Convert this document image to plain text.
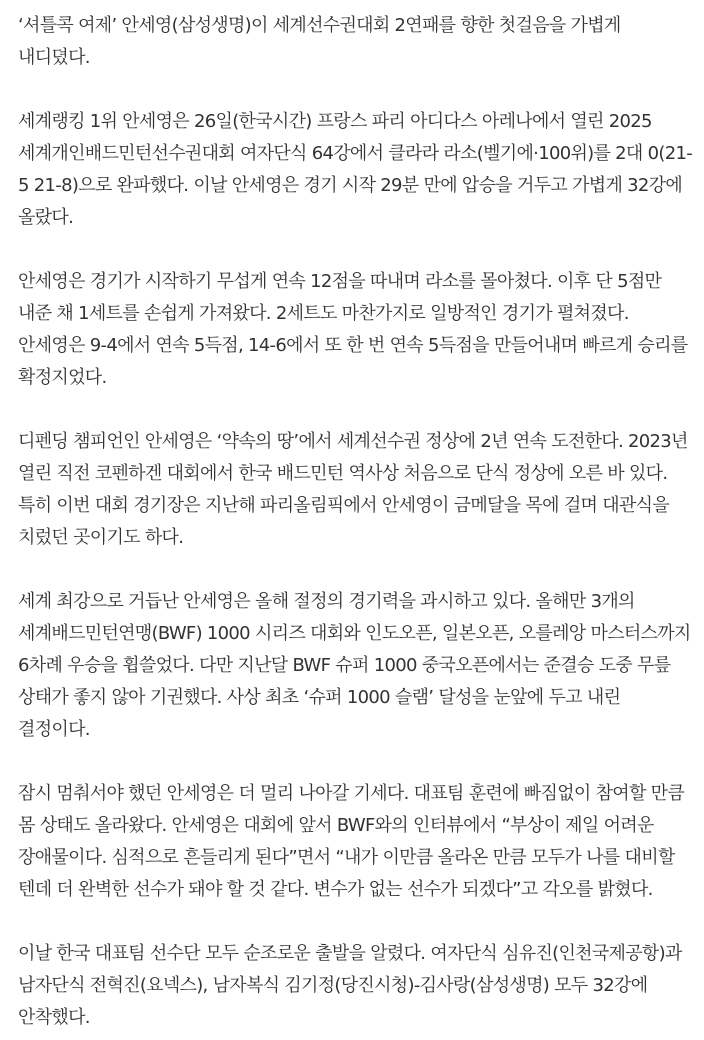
‘셔틀콕 여제’ 안세영(삼성생명)이 세계선수권대회 2연패를 향한 첫걸음을 가볍게 내디뎠다.

세계랭킹 1위 안세영은 26일(한국시간) 프랑스 파리 아디다스 아레나에서 열린 2025 세계개인배드민턴선수권대회 여자단식 64강에서 클라라 라소(벨기에·100위)를 2대 0(21-5 21-8)으로 완파했다. 이날 안세영은 경기 시작 29분 만에 압승을 거두고 가볍게 32강에 올랐다.

안세영은 경기가 시작하기 무섭게 연속 12점을 따내며 라소를 몰아쳤다. 이후 단 5점만 내준 채 1세트를 손쉽게 가져왔다. 2세트도 마찬가지로 일방적인 경기가 펼쳐졌다. 안세영은 9-4에서 연속 5득점, 14-6에서 또 한 번 연속 5득점을 만들어내며 빠르게 승리를 확정지었다.

디펜딩 챔피언인 안세영은 ‘약속의 땅’에서 세계선수권 정상에 2년 연속 도전한다. 2023년 열린 직전 코펜하겐 대회에서 한국 배드민턴 역사상 처음으로 단식 정상에 오른 바 있다. 특히 이번 대회 경기장은 지난해 파리올림픽에서 안세영이 금메달을 목에 걸며 대관식을 치렀던 곳이기도 하다.

세계 최강으로 거듭난 안세영은 올해 절정의 경기력을 과시하고 있다. 올해만 3개의 세계배드민턴연맹(BWF) 1000 시리즈 대회와 인도오픈, 일본오픈, 오를레앙 마스터스까지 6차례 우승을 휩쓸었다. 다만 지난달 BWF 슈퍼 1000 중국오픈에서는 준결승 도중 무릎 상태가 좋지 않아 기권했다. 사상 최초 ‘슈퍼 1000 슬램’ 달성을 눈앞에 두고 내린 결정이다.

잠시 멈춰서야 했던 안세영은 더 멀리 나아갈 기세다. 대표팀 훈련에 빠짐없이 참여할 만큼 몸 상태도 올라왔다. 안세영은 대회에 앞서 BWF와의 인터뷰에서 “부상이 제일 어려운 장애물이다. 심적으로 흔들리게 된다”면서 “내가 이만큼 올라온 만큼 모두가 나를 대비할 텐데 더 완벽한 선수가 돼야 할 것 같다. 변수가 없는 선수가 되겠다”고 각오를 밝혔다.

이날 한국 대표팀 선수단 모두 순조로운 출발을 알렸다. 여자단식 심유진(인천국제공항)과 남자단식 전혁진(요넥스), 남자복식 김기정(당진시청)-김사랑(삼성생명) 모두 32강에 안착했다.
